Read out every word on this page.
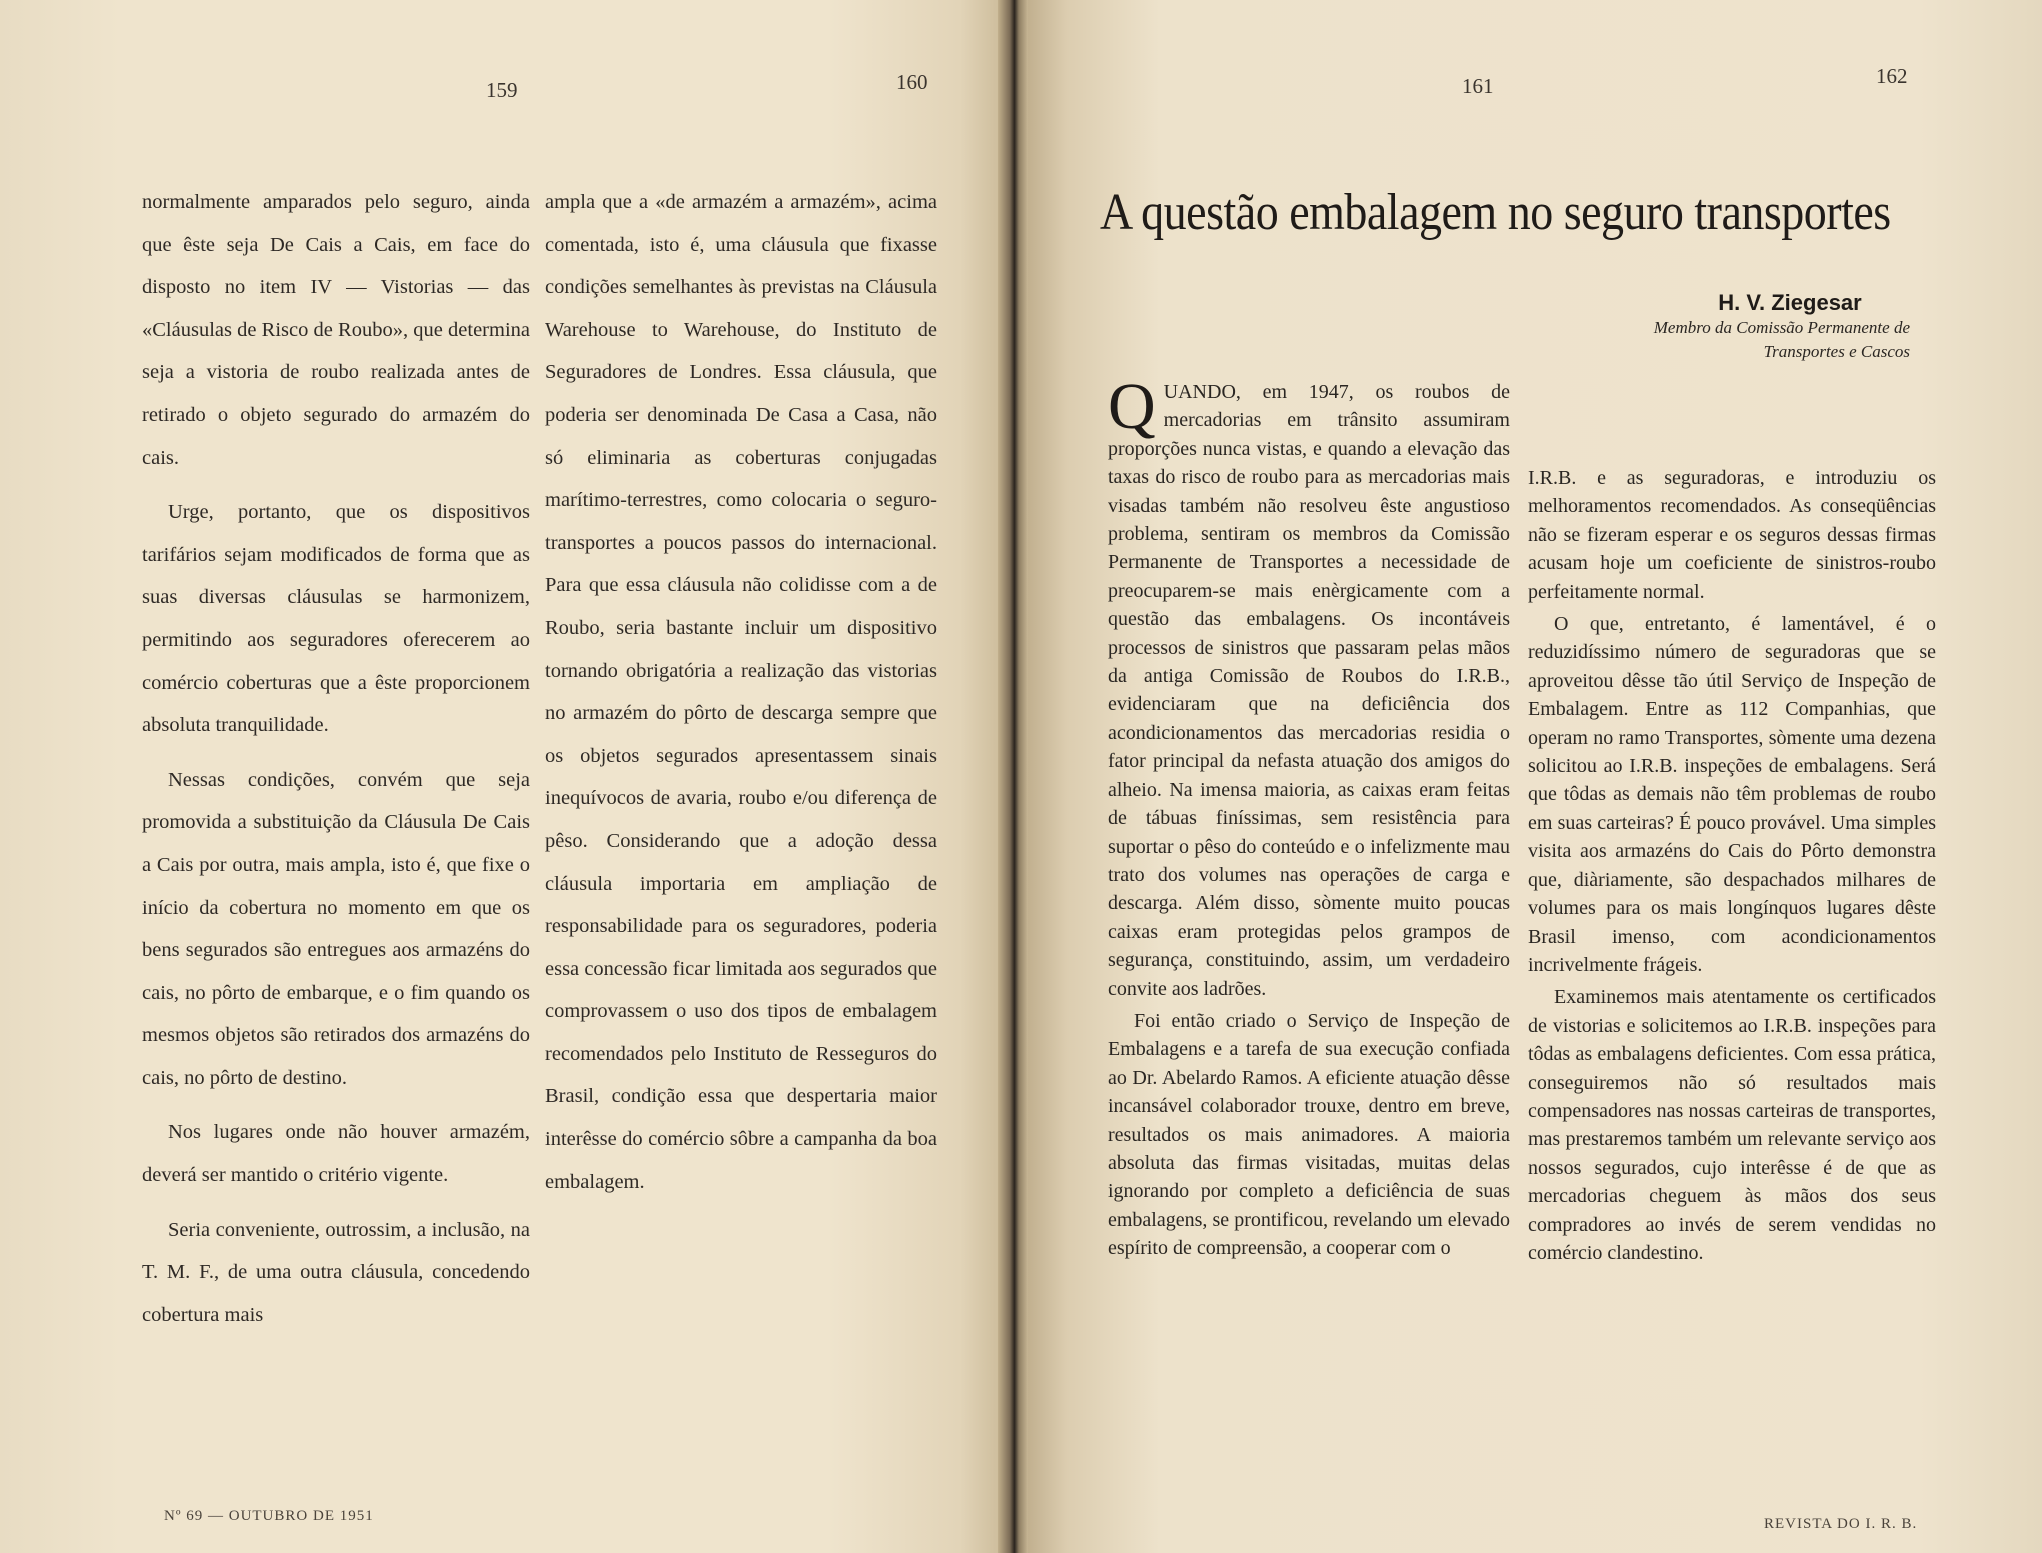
159	160	161	162

normalmente amparados pelo seguro, ainda que êste seja De Cais a Cais, em face do disposto no item IV — Vistorias — das «Cláusulas de Risco de Roubo», que determina seja a vistoria de roubo realizada antes de retirado o objeto segurado do armazém do cais.

Urge, portanto, que os dispositivos tarifários sejam modificados de forma que as suas diversas cláusulas se harmonizem, permitindo aos seguradores oferecerem ao comércio coberturas que a êste proporcionem absoluta tranquilidade.

Nessas condições, convém que seja promovida a substituição da Cláusula De Cais a Cais por outra, mais ampla, isto é, que fixe o início da cobertura no momento em que os bens segurados são entregues aos armazéns do cais, no pôrto de embarque, e o fim quando os mesmos objetos são retirados dos armazéns do cais, no pôrto de destino.

Nos lugares onde não houver armazém, deverá ser mantido o critério vigente.

Seria conveniente, outrossim, a inclusão, na T. M. F., de uma outra cláusula, concedendo cobertura mais

ampla que a «de armazém a armazém», acima comentada, isto é, uma cláusula que fixasse condições semelhantes às previstas na Cláusula Warehouse to Warehouse, do Instituto de Seguradores de Londres. Essa cláusula, que poderia ser denominada De Casa a Casa, não só eliminaria as coberturas conjugadas marítimo-terrestres, como colocaria o seguro-transportes a poucos passos do internacional. Para que essa cláusula não colidisse com a de Roubo, seria bastante incluir um dispositivo tornando obrigatória a realização das vistorias no armazém do pôrto de descarga sempre que os objetos segurados apresentassem sinais inequívocos de avaria, roubo e/ou diferença de pêso. Considerando que a adoção dessa cláusula importaria em ampliação de responsabilidade para os seguradores, poderia essa concessão ficar limitada aos segurados que comprovassem o uso dos tipos de embalagem recomendados pelo Instituto de Resseguros do Brasil, condição essa que despertaria maior interêsse do comércio sôbre a campanha da boa embalagem.

Nº 69 — OUTUBRO DE 1951
A questão embalagem no seguro transportes
H. V. Ziegesar
Membro da Comissão Permanente de
Transportes e Cascos

QUANDO, em 1947, os roubos de mercadorias em trânsito assumiram proporções nunca vistas, e quando a elevação das taxas do risco de roubo para as mercadorias mais visadas também não resolveu êste angustioso problema, sentiram os membros da Comissão Permanente de Transportes a necessidade de preocuparem-se mais enèrgicamente com a questão das embalagens. Os incontáveis processos de sinistros que passaram pelas mãos da antiga Comissão de Roubos do I.R.B., evidenciaram que na deficiência dos acondicionamentos das mercadorias residia o fator principal da nefasta atuação dos amigos do alheio. Na imensa maioria, as caixas eram feitas de tábuas finíssimas, sem resistência para suportar o pêso do conteúdo e o infelizmente mau trato dos volumes nas operações de carga e descarga. Além disso, sòmente muito poucas caixas eram protegidas pelos grampos de segurança, constituindo, assim, um verdadeiro convite aos ladrões.

Foi então criado o Serviço de Inspeção de Embalagens e a tarefa de sua execução confiada ao Dr. Abelardo Ramos. A eficiente atuação dêsse incansável colaborador trouxe, dentro em breve, resultados os mais animadores. A maioria absoluta das firmas visitadas, muitas delas ignorando por completo a deficiência de suas embalagens, se prontificou, revelando um elevado espírito de compreensão, a cooperar com o

I.R.B. e as seguradoras, e introduziu os melhoramentos recomendados. As conseqüências não se fizeram esperar e os seguros dessas firmas acusam hoje um coeficiente de sinistros-roubo perfeitamente normal.

O que, entretanto, é lamentável, é o reduzidíssimo número de seguradoras que se aproveitou dêsse tão útil Serviço de Inspeção de Embalagem. Entre as 112 Companhias, que operam no ramo Transportes, sòmente uma dezena solicitou ao I.R.B. inspeções de embalagens. Será que tôdas as demais não têm problemas de roubo em suas carteiras? É pouco provável. Uma simples visita aos armazéns do Cais do Pôrto demonstra que, diàriamente, são despachados milhares de volumes para os mais longínquos lugares dêste Brasil imenso, com acondicionamentos incrivelmente frágeis.

Examinemos mais atentamente os certificados de vistorias e solicitemos ao I.R.B. inspeções para tôdas as embalagens deficientes. Com essa prática, conseguiremos não só resultados mais compensadores nas nossas carteiras de transportes, mas prestaremos também um relevante serviço aos nossos segurados, cujo interêsse é de que as mercadorias cheguem às mãos dos seus compradores ao invés de serem vendidas no comércio clandestino.

REVISTA DO I. R. B.
